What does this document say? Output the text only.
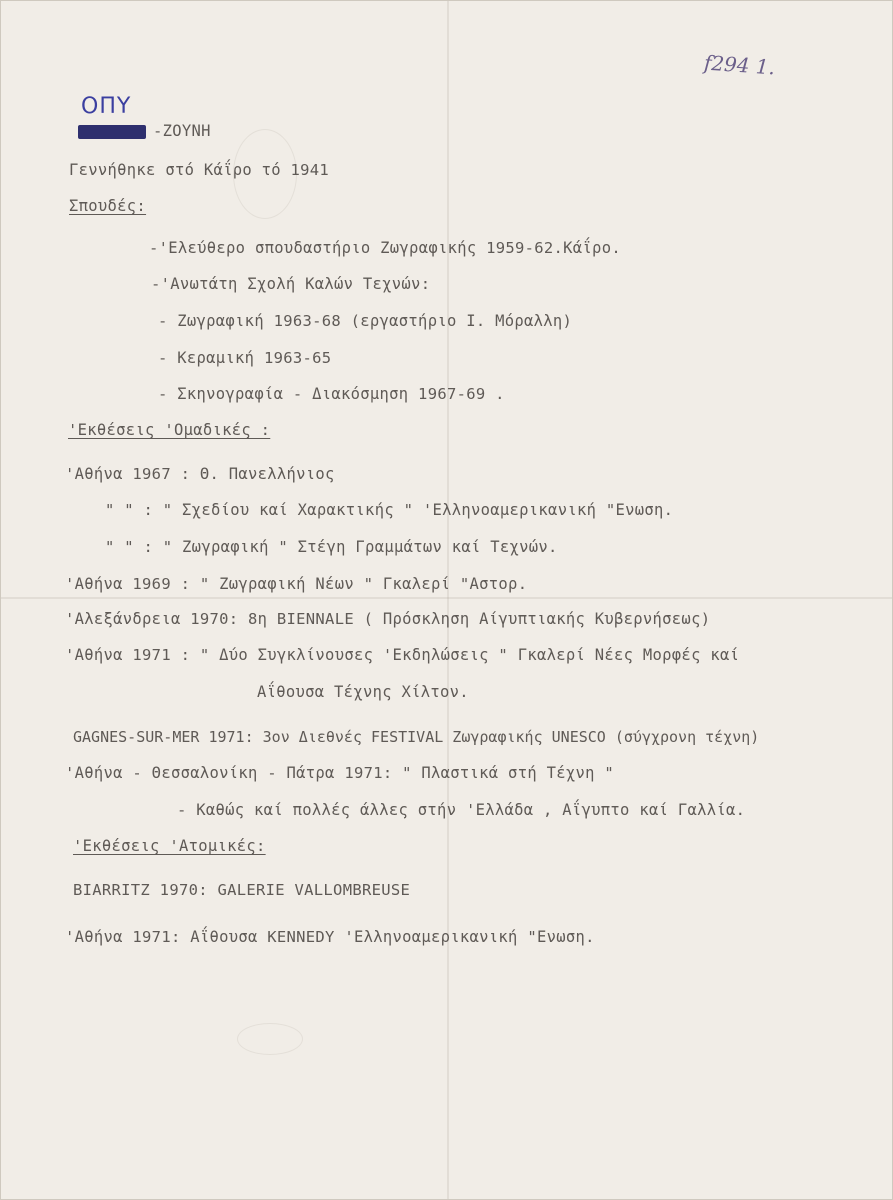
f294 1.
ΟΠΥ
-ΖΟΥΝΗ
Γεννήθηκε στό Κάΐρο τό 1941
Σπουδές:
-'Ελεύθερο σπουδαστήριο Ζωγραφικής 1959-62.Κάΐρο.
-'Ανωτάτη Σχολή Καλών Τεχνών:
- Ζωγραφική 1963-68 (εργαστήριο Ι. Μόραλλη)
- Κεραμική 1963-65
- Σκηνογραφία - Διακόσμηση 1967-69 .
'Εκθέσεις 'Ομαδικές :
'Αθήνα 1967 : Θ. Πανελλήνιος
" " : " Σχεδίου καί Χαρακτικής " 'Ελληνοαμερικανική "Ενωση.
" " : " Ζωγραφική " Στέγη Γραμμάτων καί Τεχνών.
'Αθήνα 1969 : " Ζωγραφική Νέων " Γκαλερί "Αστορ.
'Αλεξάνδρεια 1970: 8η BIENNALE ( Πρόσκληση Αίγυπτιακής Κυβερνήσεως)
'Αθήνα 1971 : " Δύο Συγκλίνουσες 'Εκδηλώσεις " Γκαλερί Νέες Μορφές καί
Αΐθουσα Τέχνης Χίλτον.
GAGNES-SUR-MER 1971: 3ον Διεθνές FESTIVAL Ζωγραφικής UNESCO (σύγχρονη τέχνη)
'Αθήνα - Θεσσαλονίκη - Πάτρα 1971: " Πλαστικά στή Τέχνη "
- Καθώς καί πολλές άλλες στήν 'Ελλάδα , Αΐγυπτο καί Γαλλία.
'Εκθέσεις 'Ατομικές:
BIARRITZ 1970: GALERIE VALLOMBREUSE
'Αθήνα 1971: Αΐθουσα KENNEDY 'Ελληνοαμερικανική "Ενωση.
